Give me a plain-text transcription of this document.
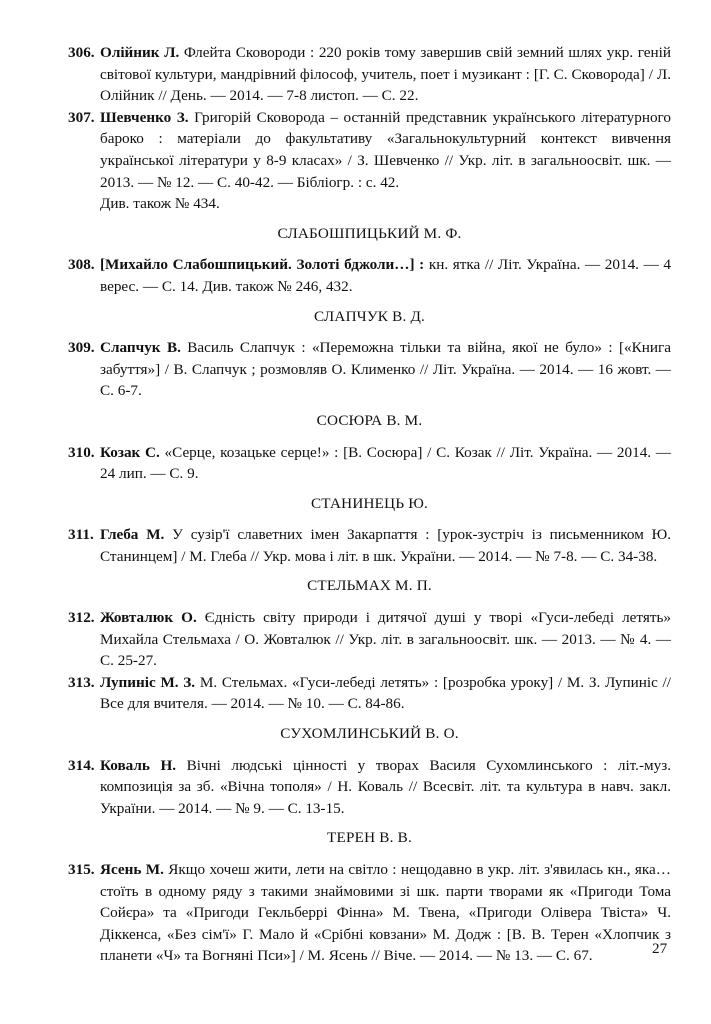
306. Олійник Л. Флейта Сковороди : 220 років тому завершив свій земний шлях укр. геній світової культури, мандрівний філософ, учитель, поет і музикант : [Г. С. Сковорода] / Л. Олійник // День. — 2014. — 7-8 листоп. — С. 22.

307. Шевченко З. Григорій Сковорода – останній представник українського літературного бароко : матеріали до факультативу «Загальнокультурний контекст вивчення української літератури у 8-9 класах» / З. Шевченко // Укр. літ. в загальноосвіт. шк. — 2013. — № 12. — С. 40-42. — Бібліогр. : с. 42.

Див. також № 434.

СЛАБОШПИЦЬКИЙ М. Ф.

308. [Михайло Слабошпицький. Золоті бджоли…] : кн. ятка // Літ. Україна. — 2014. — 4 верес. — С. 14. Див. також № 246, 432.

СЛАПЧУК В. Д.

309. Слапчук В. Василь Слапчук : «Переможна тільки та війна, якої не було» : [«Книга забуття»] / В. Слапчук ; розмовляв О. Клименко // Літ. Україна. — 2014. — 16 жовт. — С. 6-7.

СОСЮРА В. М.

310. Козак С. «Серце, козацьке серце!» : [В. Сосюра] / С. Козак // Літ. Україна. — 2014. — 24 лип. — С. 9.

СТАНИНЕЦЬ Ю.

311. Глеба М. У сузір'ї славетних імен Закарпаття : [урок-зустріч із письменником Ю. Станинцем] / М. Глеба // Укр. мова і літ. в шк. України. — 2014. — № 7-8. — С. 34-38.

СТЕЛЬМАХ М. П.

312. Жовталюк О. Єдність світу природи і дитячої душі у творі «Гуси-лебеді летять» Михайла Стельмаха / О. Жовталюк // Укр. літ. в загальноосвіт. шк. — 2013. — № 4. — С. 25-27.

313. Лупиніс М. З. М. Стельмах. «Гуси-лебеді летять» : [розробка уроку] / М. З. Лупиніс // Все для вчителя. — 2014. — № 10. — С. 84-86.

СУХОМЛИНСЬКИЙ В. О.

314. Коваль Н. Вічні людські цінності у творах Василя Сухомлинського : літ.-муз. композиція за зб. «Вічна тополя» / Н. Коваль // Всесвіт. літ. та культура в навч. закл. України. — 2014. — № 9. — С. 13-15.

ТЕРЕН В. В.

315. Ясень М. Якщо хочеш жити, лети на світло : нещодавно в укр. літ. з'явилась кн., яка… стоїть в одному ряду з такими знаймовими зі шк. парти творами як «Пригоди Тома Сойєра» та «Пригоди Гекльберрі Фінна» М. Твена, «Пригоди Олівера Твіста» Ч. Діккенса, «Без сім'ї» Г. Мало й «Срібні ковзани» М. Додж : [В. В. Терен «Хлопчик з планети «Ч» та Вогняні Пси»] / М. Ясень // Віче. — 2014. — № 13. — С. 67.	27
